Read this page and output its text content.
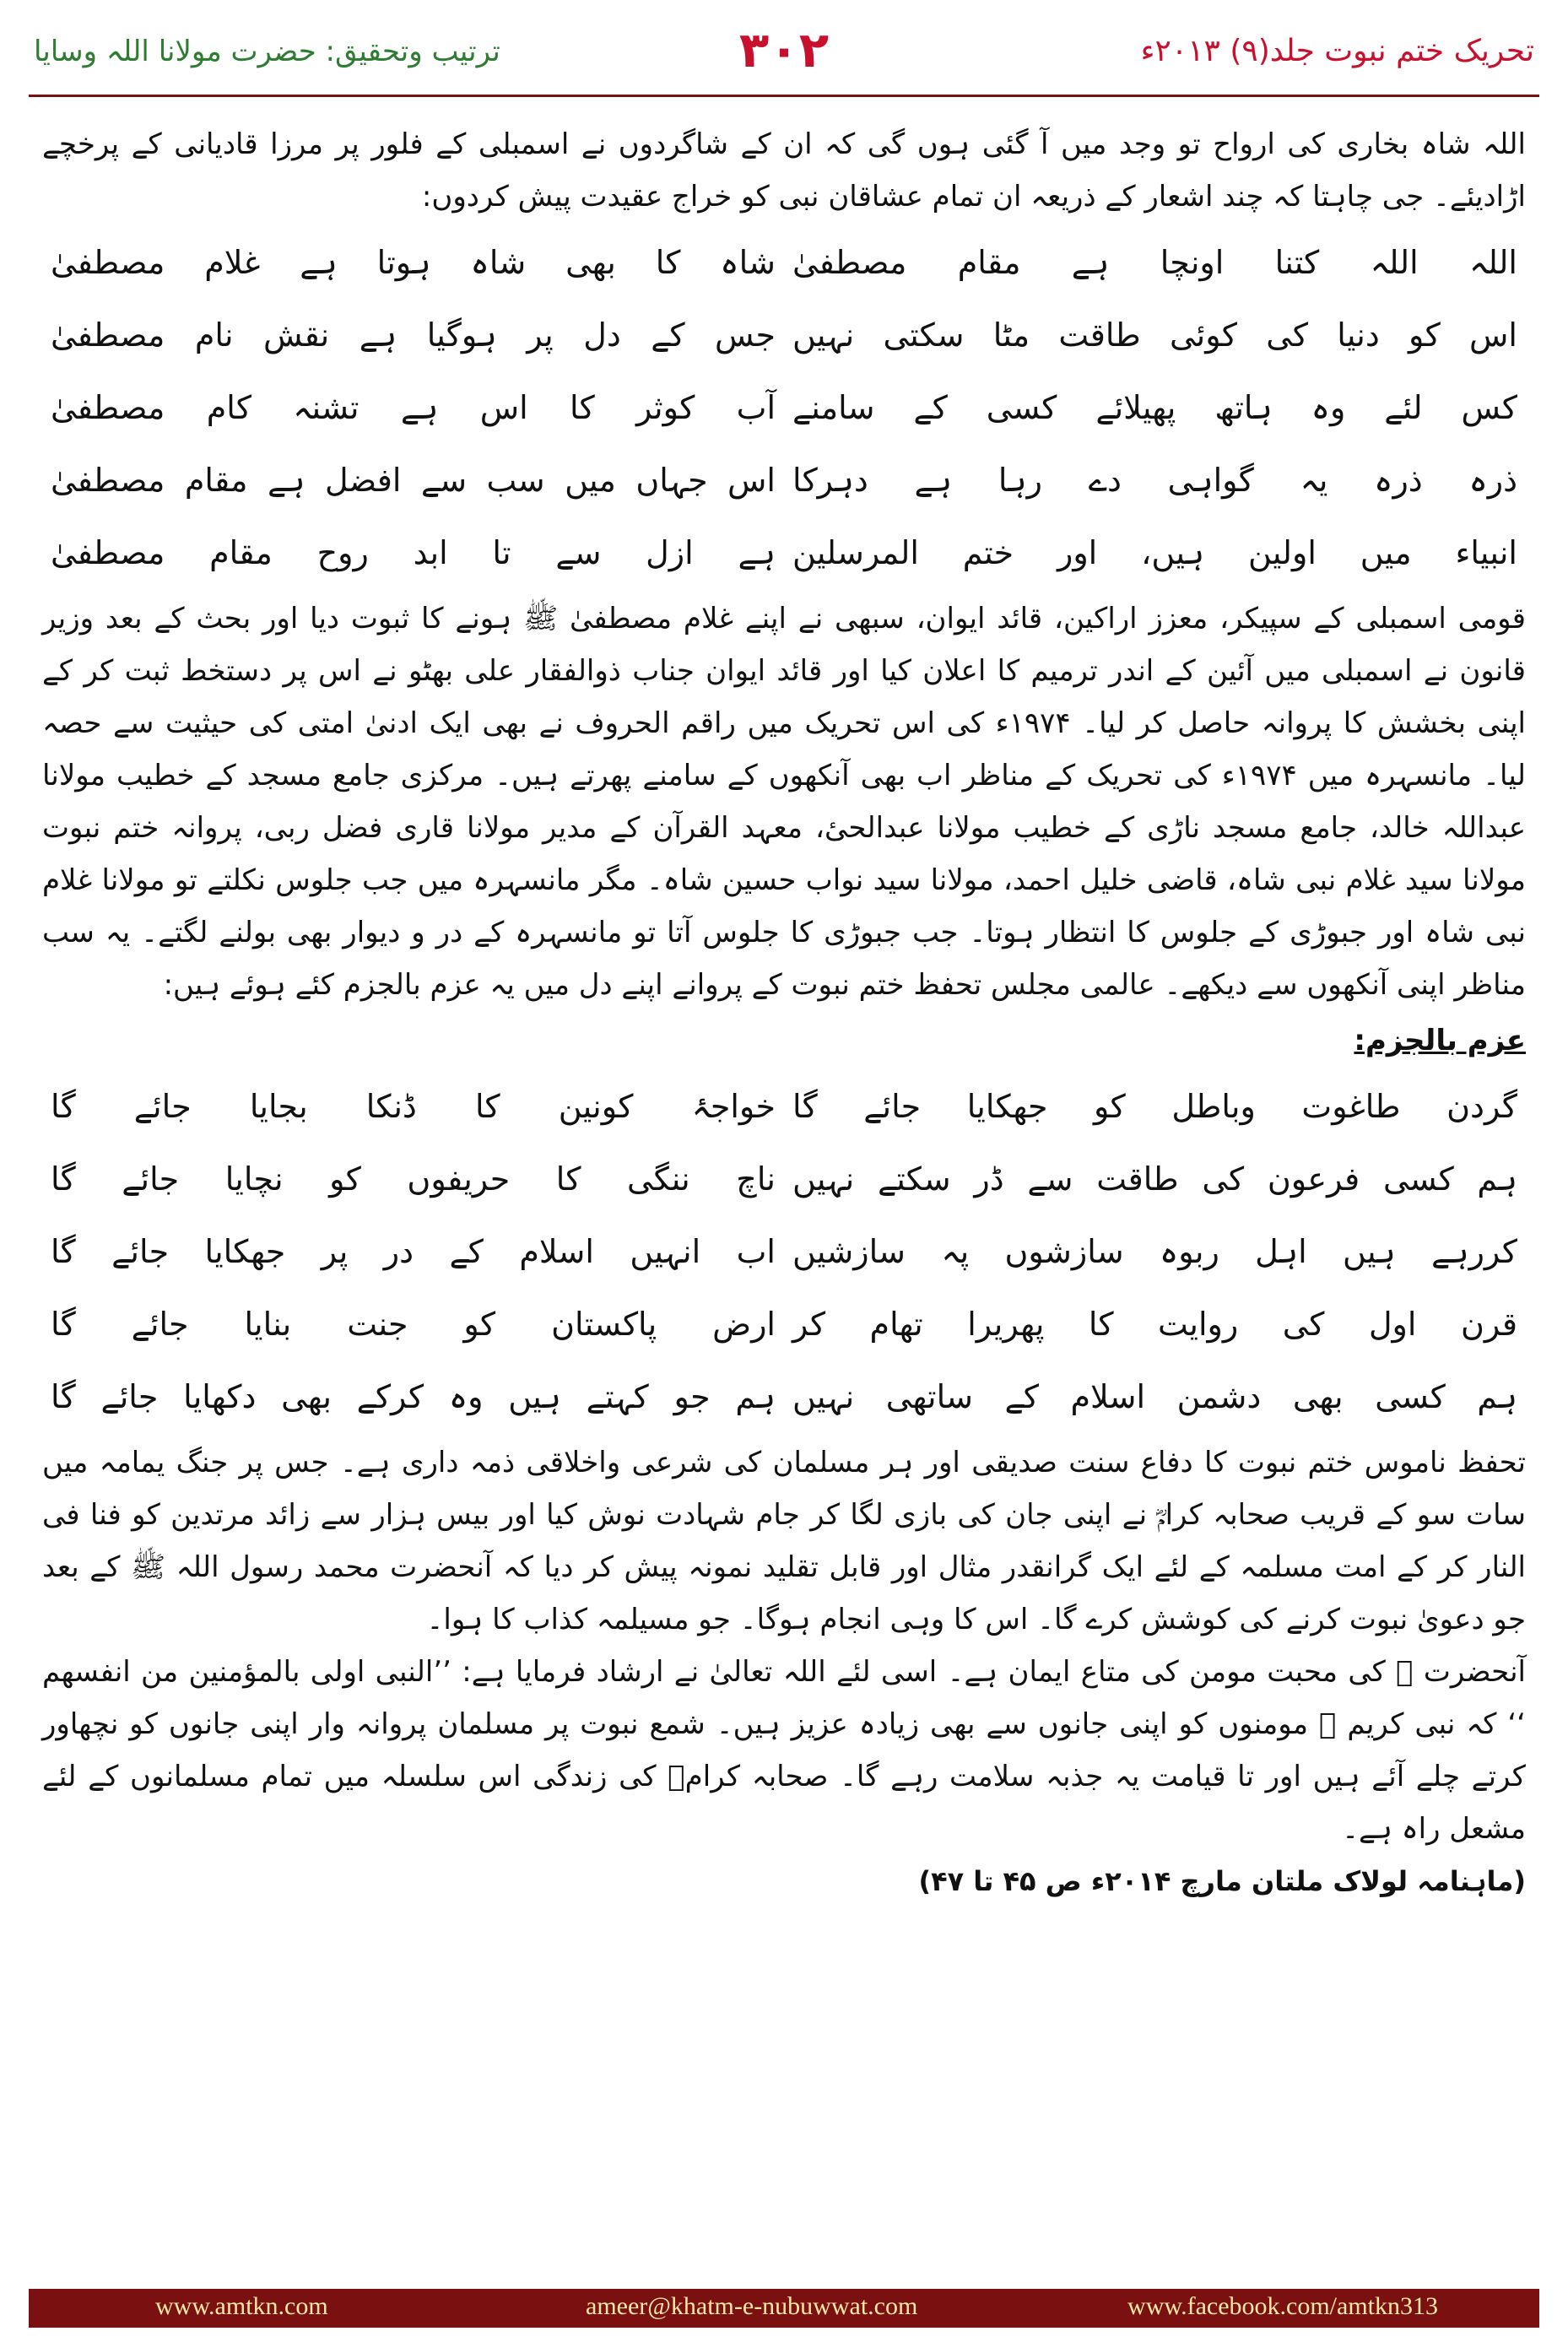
تحریک ختم نبوت جلد(۹) ۲۰۱۳ء
۳۰۲
ترتیب وتحقیق: حضرت مولانا اللہ وسایا

اللہ شاہ بخاری کی ارواح تو وجد میں آ گئی ہوں گی کہ ان کے شاگردوں نے اسمبلی کے فلور پر مرزا قادیانی کے پرخچے اڑادیئے۔ جی چاہتا کہ چند اشعار کے ذریعہ ان تمام عشاقان نبی کو خراج عقیدت پیش کردوں:

اللہ اللہ کتنا اونچا ہے مقام مصطفیٰ	شاہ کا بھی شاہ ہوتا ہے غلام مصطفیٰ
اس کو دنیا کی کوئی طاقت مٹا سکتی نہیں	جس کے دل پر ہوگیا ہے نقش نام مصطفیٰ
کس لئے وہ ہاتھ پھیلائے کسی کے سامنے	آب کوثر کا اس ہے تشنہ کام مصطفیٰ
ذرہ ذرہ یہ گواہی دے رہا ہے دہرکا	اس جہاں میں سب سے افضل ہے مقام مصطفیٰ
انبیاء میں اولین ہیں، اور ختم المرسلین	ہے ازل سے تا ابد روح مقام مصطفیٰ

قومی اسمبلی کے سپیکر، معزز اراکین، قائد ایوان، سبھی نے اپنے غلام مصطفیٰ ﷺ ہونے کا ثبوت دیا اور بحث کے بعد وزیر قانون نے اسمبلی میں آئین کے اندر ترمیم کا اعلان کیا اور قائد ایوان جناب ذوالفقار علی بھٹو نے اس پر دستخط ثبت کر کے اپنی بخشش کا پروانہ حاصل کر لیا۔ ۱۹۷۴ء کی اس تحریک میں راقم الحروف نے بھی ایک ادنیٰ امتی کی حیثیت سے حصہ لیا۔ مانسہرہ میں ۱۹۷۴ء کی تحریک کے مناظر اب بھی آنکھوں کے سامنے پھرتے ہیں۔ مرکزی جامع مسجد کے خطیب مولانا عبداللہ خالد، جامع مسجد ناڑی کے خطیب مولانا عبدالحیٔ، معہد القرآن کے مدیر مولانا قاری فضل ربی، پروانہ ختم نبوت مولانا سید غلام نبی شاہ، قاضی خلیل احمد، مولانا سید نواب حسین شاہ۔ مگر مانسہرہ میں جب جلوس نکلتے تو مولانا غلام نبی شاہ اور جبوڑی کے جلوس کا انتظار ہوتا۔ جب جبوڑی کا جلوس آتا تو مانسہرہ کے در و دیوار بھی بولنے لگتے۔ یہ سب مناظر اپنی آنکھوں سے دیکھے۔ عالمی مجلس تحفظ ختم نبوت کے پروانے اپنے دل میں یہ عزم بالجزم کئے ہوئے ہیں:

عزم بالجزم:
گردن طاغوت وباطل کو جھکایا جائے گا	خواجۂ کونین کا ڈنکا بجایا جائے گا
ہم کسی فرعون کی طاقت سے ڈر سکتے نہیں	ناچ ننگی کا حریفوں کو نچایا جائے گا
کررہے ہیں اہل ربوہ سازشوں پہ سازشیں	اب انہیں اسلام کے در پر جھکایا جائے گا
قرن اول کی روایت کا پھریرا تھام کر	ارض پاکستان کو جنت بنایا جائے گا
ہم کسی بھی دشمن اسلام کے ساتھی نہیں	ہم جو کہتے ہیں وہ کرکے بھی دکھایا جائے گا

تحفظ ناموس ختم نبوت کا دفاع سنت صدیقی اور ہر مسلمان کی شرعی واخلاقی ذمہ داری ہے۔ جس پر جنگ یمامہ میں سات سو کے قریب صحابہ کرامؓ نے اپنی جان کی بازی لگا کر جام شہادت نوش کیا اور بیس ہزار سے زائد مرتدین کو فنا فی النار کر کے امت مسلمہ کے لئے ایک گرانقدر مثال اور قابل تقلید نمونہ پیش کر دیا کہ آنحضرت محمد رسول اللہ ﷺ کے بعد جو دعویٰ نبوت کرنے کی کوشش کرے گا۔ اس کا وہی انجام ہوگا۔ جو مسیلمہ کذاب کا ہوا۔

آنحضرت ﷺ کی محبت مومن کی متاع ایمان ہے۔ اسی لئے اللہ تعالیٰ نے ارشاد فرمایا ہے: ’’النبی اولی بالمؤمنین من انفسهم ‘‘ کہ نبی کریم ﷺ مومنوں کو اپنی جانوں سے بھی زیادہ عزیز ہیں۔ شمع نبوت پر مسلمان پروانہ وار اپنی جانوں کو نچھاور کرتے چلے آئے ہیں اور تا قیامت یہ جذبہ سلامت رہے گا۔ صحابہ کرامؓ کی زندگی اس سلسلہ میں تمام مسلمانوں کے لئے مشعل راہ ہے۔

(ماہنامہ لولاک ملتان مارچ ۲۰۱۴ء ص ۴۵ تا ۴۷)

www.amtkn.com	ameer@khatm-e-nubuwwat.com	www.facebook.com/amtkn313
